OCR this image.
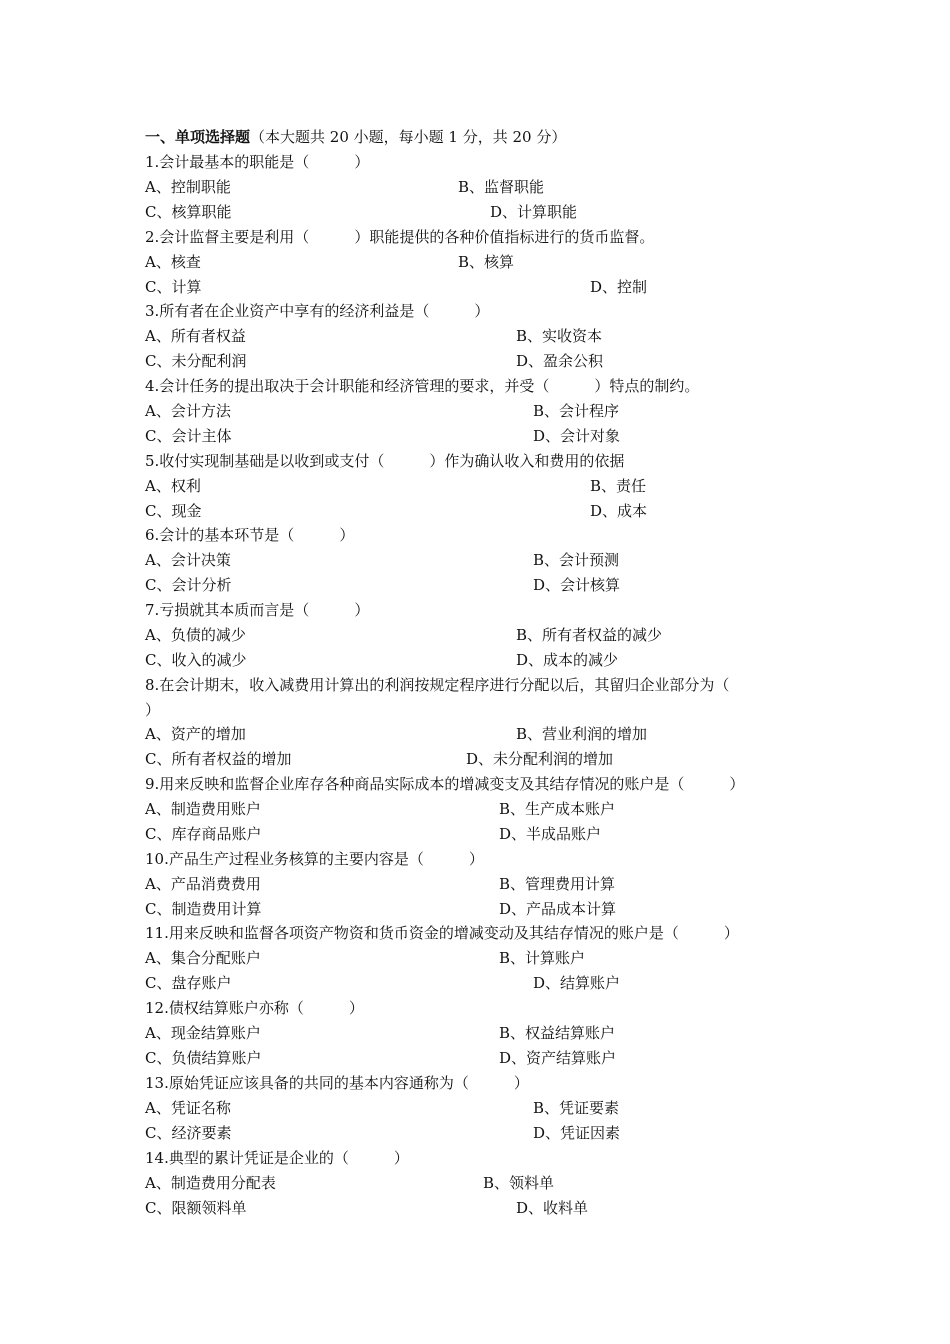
一、单项选择题（本大题共 20 小题，每小题 1 分，共 20 分）
1.会计最基本的职能是（　　　）
A、控制职能	B、监督职能
C、核算职能	D、计算职能
2.会计监督主要是利用（　　　）职能提供的各种价值指标进行的货币监督。
A、核查	B、核算
C、计算	D、控制
3.所有者在企业资产中享有的经济利益是（　　　）
A、所有者权益	B、实收资本
C、未分配利润	D、盈余公积
4.会计任务的提出取决于会计职能和经济管理的要求，并受（　　　）特点的制约。
A、会计方法	B、会计程序
C、会计主体	D、会计对象
5.收付实现制基础是以收到或支付（　　　）作为确认收入和费用的依据
A、权利	B、责任
C、现金	D、成本
6.会计的基本环节是（　　　）
A、会计决策	B、会计预测
C、会计分析	D、会计核算
7.亏损就其本质而言是（　　　）
A、负债的减少	B、所有者权益的减少
C、收入的减少	D、成本的减少
8.在会计期末，收入减费用计算出的利润按规定程序进行分配以后，其留归企业部分为（
）
A、资产的增加	B、营业利润的增加
C、所有者权益的增加	D、未分配利润的增加
9.用来反映和监督企业库存各种商品实际成本的增减变支及其结存情况的账户是（　　　）
A、制造费用账户	B、生产成本账户
C、库存商品账户	D、半成品账户
10.产品生产过程业务核算的主要内容是（　　　）
A、产品消费费用	B、管理费用计算
C、制造费用计算	D、产品成本计算
11.用来反映和监督各项资产物资和货币资金的增减变动及其结存情况的账户是（　　　）
A、集合分配账户	B、计算账户
C、盘存账户	D、结算账户
12.债权结算账户亦称（　　　）
A、现金结算账户	B、权益结算账户
C、负债结算账户	D、资产结算账户
13.原始凭证应该具备的共同的基本内容通称为（　　　）
A、凭证名称	B、凭证要素
C、经济要素	D、凭证因素
14.典型的累计凭证是企业的（　　　）
A、制造费用分配表	B、领料单
C、限额领料单	D、收料单
